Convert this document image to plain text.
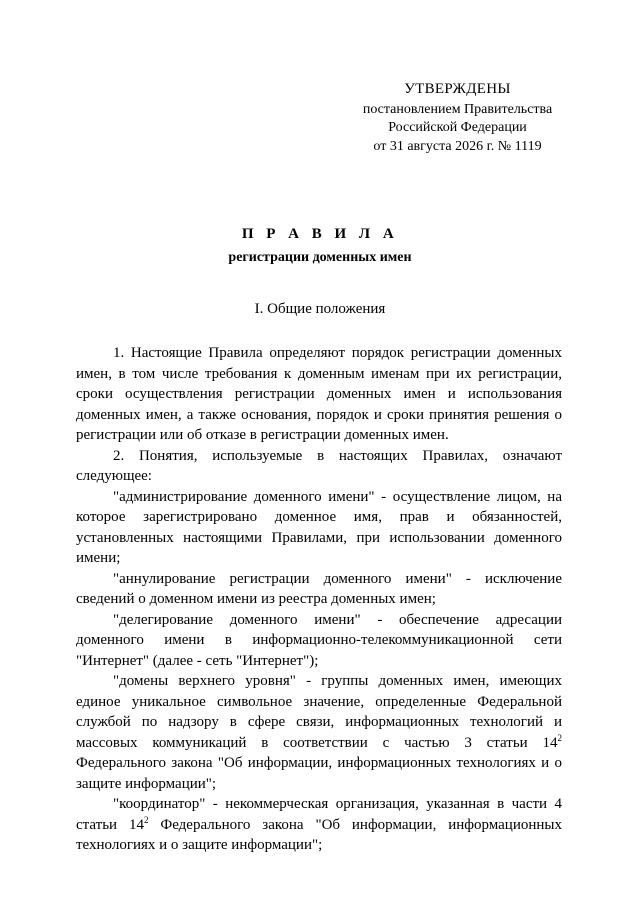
УТВЕРЖДЕНЫ
постановлением Правительства
Российской Федерации
от 31 августа 2026 г. № 1119
П Р А В И Л А
регистрации доменных имен
I. Общие положения

1. Настоящие Правила определяют порядок регистрации доменных имен, в том числе требования к доменным именам при их регистрации, сроки осуществления регистрации доменных имен и использования доменных имен, а также основания, порядок и сроки принятия решения о регистрации или об отказе в регистрации доменных имен.

2. Понятия, используемые в настоящих Правилах, означают следующее:

"администрирование доменного имени" - осуществление лицом, на которое зарегистрировано доменное имя, прав и обязанностей, установленных настоящими Правилами, при использовании доменного имени;

"аннулирование регистрации доменного имени" - исключение сведений о доменном имени из реестра доменных имен;

"делегирование доменного имени" - обеспечение адресации доменного имени в информационно-телекоммуникационной сети "Интернет" (далее - сеть "Интернет");

"домены верхнего уровня" - группы доменных имен, имеющих единое уникальное символьное значение, определенные Федеральной службой по надзору в сфере связи, информационных технологий и массовых коммуникаций в соответствии с частью 3 статьи $14^2$ Федерального закона "Об информации, информационных технологиях и о защите информации";

"координатор" - некоммерческая организация, указанная в части 4 статьи $14^2$ Федерального закона "Об информации, информационных технологиях и о защите информации";
